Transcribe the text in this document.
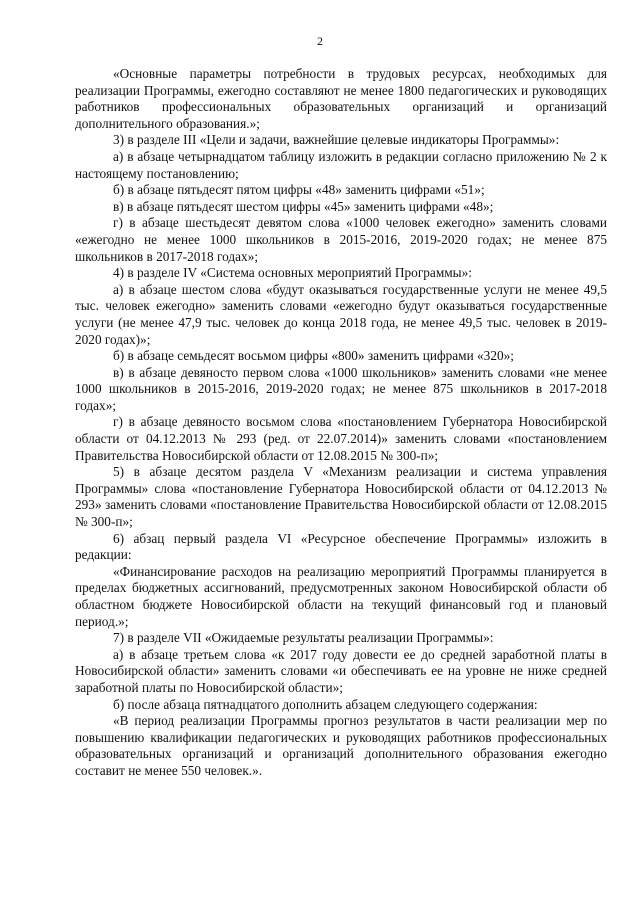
2

«Основные параметры потребности в трудовых ресурсах, необходимых для реализации Программы, ежегодно составляют не менее 1800 педагогических и руководящих работников профессиональных образовательных организаций и организаций дополнительного образования.»;

3) в разделе III «Цели и задачи, важнейшие целевые индикаторы Программы»:

а) в абзаце четырнадцатом таблицу изложить в редакции согласно приложению № 2 к настоящему постановлению;

б) в абзаце пятьдесят пятом цифры «48» заменить цифрами «51»;

в) в абзаце пятьдесят шестом цифры «45» заменить цифрами «48»;

г) в абзаце шестьдесят девятом слова «1000 человек ежегодно» заменить словами «ежегодно не менее 1000 школьников в 2015-2016, 2019-2020 годах; не менее 875 школьников в 2017-2018 годах»;

4) в разделе IV «Система основных мероприятий Программы»:

а) в абзаце шестом слова «будут оказываться государственные услуги не менее 49,5 тыс. человек ежегодно» заменить словами «ежегодно будут оказываться государственные услуги (не менее 47,9 тыс. человек до конца 2018 года, не менее 49,5 тыс. человек в 2019-2020 годах)»;

б) в абзаце семьдесят восьмом цифры «800» заменить цифрами «320»;

в) в абзаце девяносто первом слова «1000 школьников» заменить словами «не менее 1000 школьников в 2015-2016, 2019-2020 годах; не менее 875 школьников в 2017-2018 годах»;

г) в абзаце девяносто восьмом слова «постановлением Губернатора Новосибирской области от 04.12.2013 № 293 (ред. от 22.07.2014)» заменить словами «постановлением Правительства Новосибирской области от 12.08.2015 № 300-п»;

5) в абзаце десятом раздела V «Механизм реализации и система управления Программы» слова «постановление Губернатора Новосибирской области от 04.12.2013 № 293» заменить словами «постановление Правительства Новосибирской области от 12.08.2015 № 300-п»;

6) абзац первый раздела VI «Ресурсное обеспечение Программы» изложить в редакции:

«Финансирование расходов на реализацию мероприятий Программы планируется в пределах бюджетных ассигнований, предусмотренных законом Новосибирской области об областном бюджете Новосибирской области на текущий финансовый год и плановый период.»;

7) в разделе VII «Ожидаемые результаты реализации Программы»:

а) в абзаце третьем слова «к 2017 году довести ее до средней заработной платы в Новосибирской области» заменить словами «и обеспечивать ее на уровне не ниже средней заработной платы по Новосибирской области»;

б) после абзаца пятнадцатого дополнить абзацем следующего содержания:

«В период реализации Программы прогноз результатов в части реализации мер по повышению квалификации педагогических и руководящих работников профессиональных образовательных организаций и организаций дополнительного образования ежегодно составит не менее 550 человек.».
